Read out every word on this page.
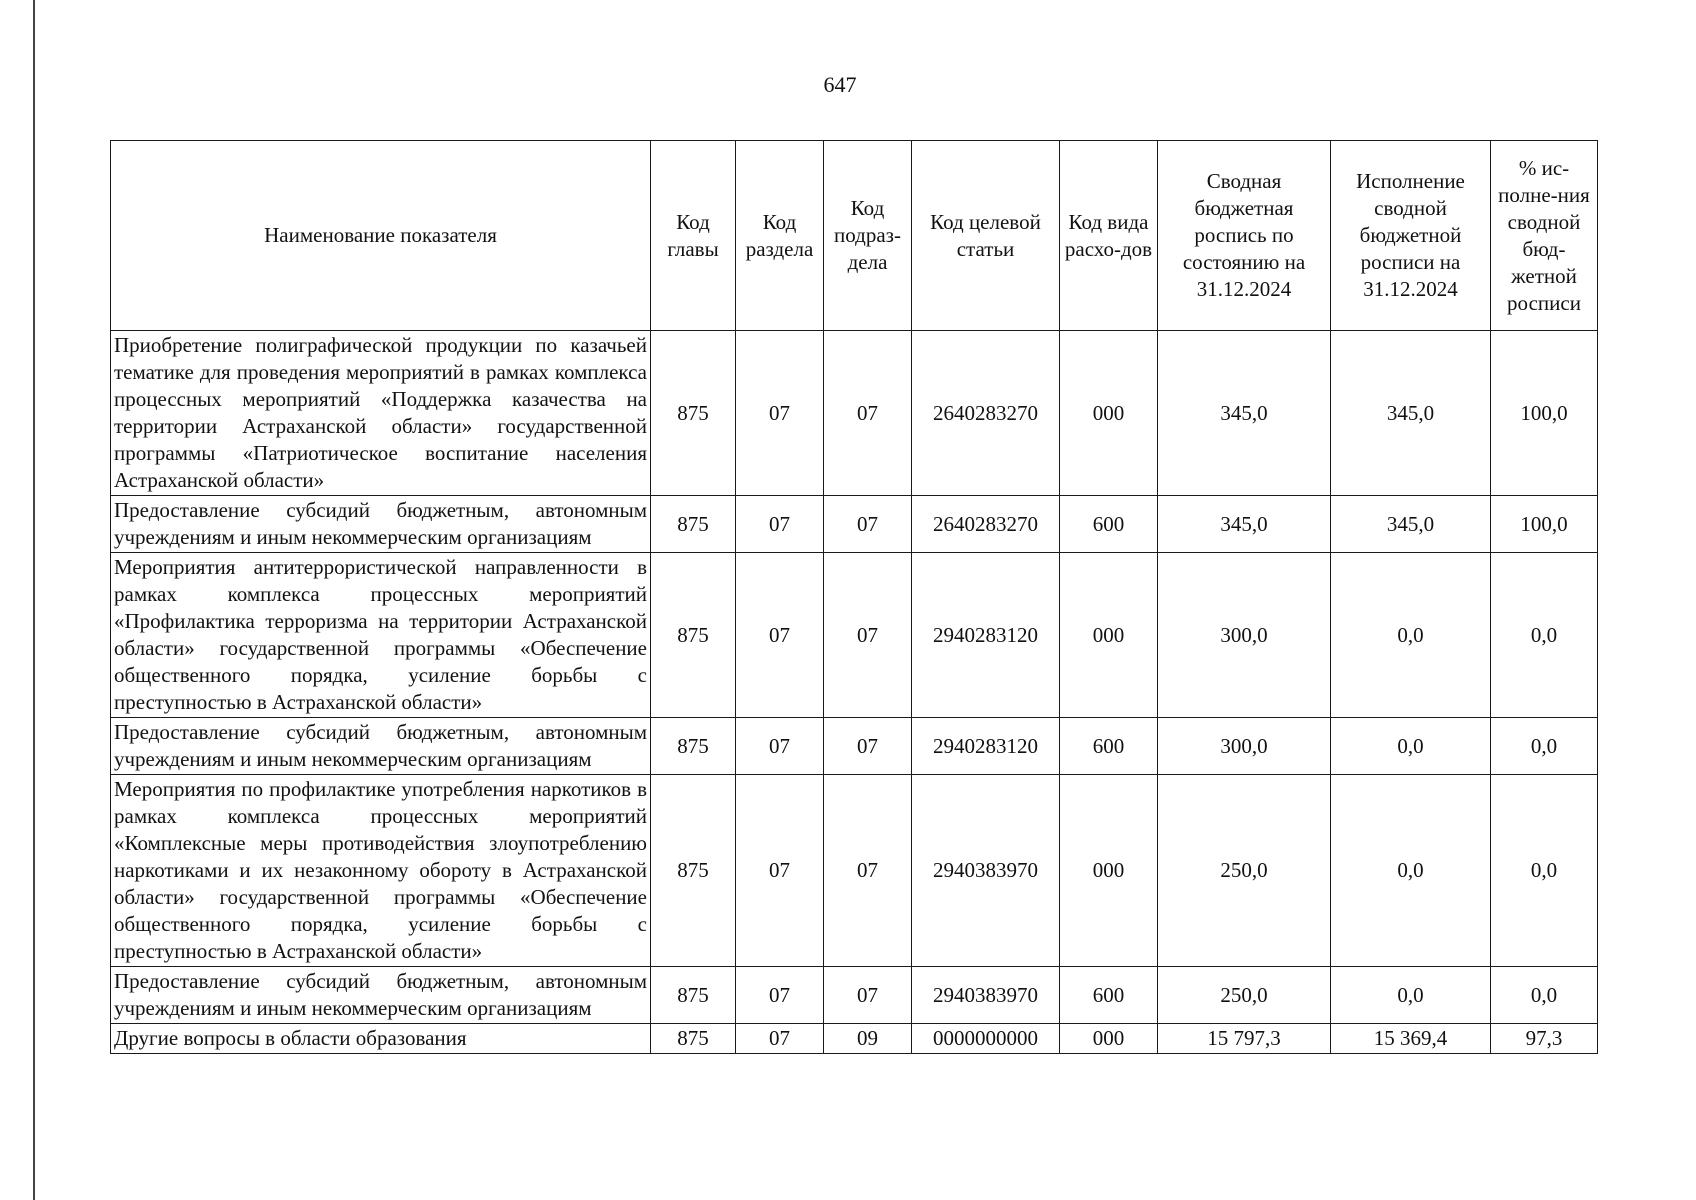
647
Наименование показателя	Код главы	Код раздела	Код подраз-дела	Код целевой статьи	Код вида расхо-дов	Сводная бюджетная роспись по состоянию на 31.12.2024	Исполнение сводной бюджетной росписи на 31.12.2024	% ис-полне-ния сводной бюд-жетной росписи
Приобретение полиграфической продукции по казачьей тематике для проведения мероприятий в рамках комплекса процессных мероприятий «Поддержка казачества на территории Астраханской области» государственной программы «Патриотическое воспитание населения Астраханской области»	875	07	07	2640283270	000	345,0	345,0	100,0
Предоставление субсидий бюджетным, автономным учреждениям и иным некоммерческим организациям	875	07	07	2640283270	600	345,0	345,0	100,0
Мероприятия антитеррористической направленности в рамках комплекса процессных мероприятий «Профилактика терроризма на территории Астраханской области» государственной программы «Обеспечение общественного порядка, усиление борьбы с преступностью в Астраханской области»	875	07	07	2940283120	000	300,0	0,0	0,0
Предоставление субсидий бюджетным, автономным учреждениям и иным некоммерческим организациям	875	07	07	2940283120	600	300,0	0,0	0,0
Мероприятия по профилактике употребления наркотиков в рамках комплекса процессных мероприятий «Комплексные меры противодействия злоупотреблению наркотиками и их незаконному обороту в Астраханской области» государственной программы «Обеспечение общественного порядка, усиление борьбы с преступностью в Астраханской области»	875	07	07	2940383970	000	250,0	0,0	0,0
Предоставление субсидий бюджетным, автономным учреждениям и иным некоммерческим организациям	875	07	07	2940383970	600	250,0	0,0	0,0
Другие вопросы в области образования	875	07	09	0000000000	000	15 797,3	15 369,4	97,3
